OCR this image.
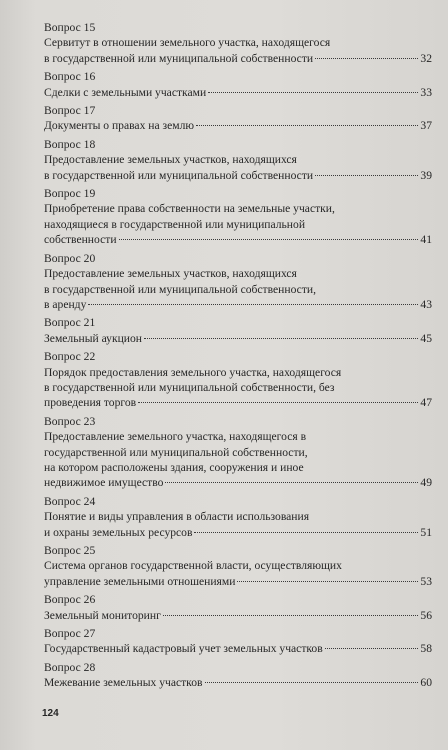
Вопрос 15
Сервитут в отношении земельного участка, находящегося
в государственной или муниципальной собственности	32
Вопрос 16
Сделки с земельными участками	33
Вопрос 17
Документы о правах на землю	37
Вопрос 18
Предоставление земельных участков, находящихся
в государственной или муниципальной собственности	39
Вопрос 19
Приобретение права собственности на земельные участки,
находящиеся в государственной или муниципальной
собственности	41
Вопрос 20
Предоставление земельных участков, находящихся
в государственной или муниципальной собственности,
в аренду	43
Вопрос 21
Земельный аукцион	45
Вопрос 22
Порядок предоставления земельного участка, находящегося
в государственной или муниципальной собственности, без
проведения торгов	47
Вопрос 23
Предоставление земельного участка, находящегося в
государственной или муниципальной собственности,
на котором расположены здания, сооружения и иное
недвижимое имущество	49
Вопрос 24
Понятие и виды управления в области использования
и охраны земельных ресурсов	51
Вопрос 25
Система органов государственной власти, осуществляющих
управление земельными отношениями	53
Вопрос 26
Земельный мониторинг	56
Вопрос 27
Государственный кадастровый учет земельных участков	58
Вопрос 28
Межевание земельных участков	60
124
